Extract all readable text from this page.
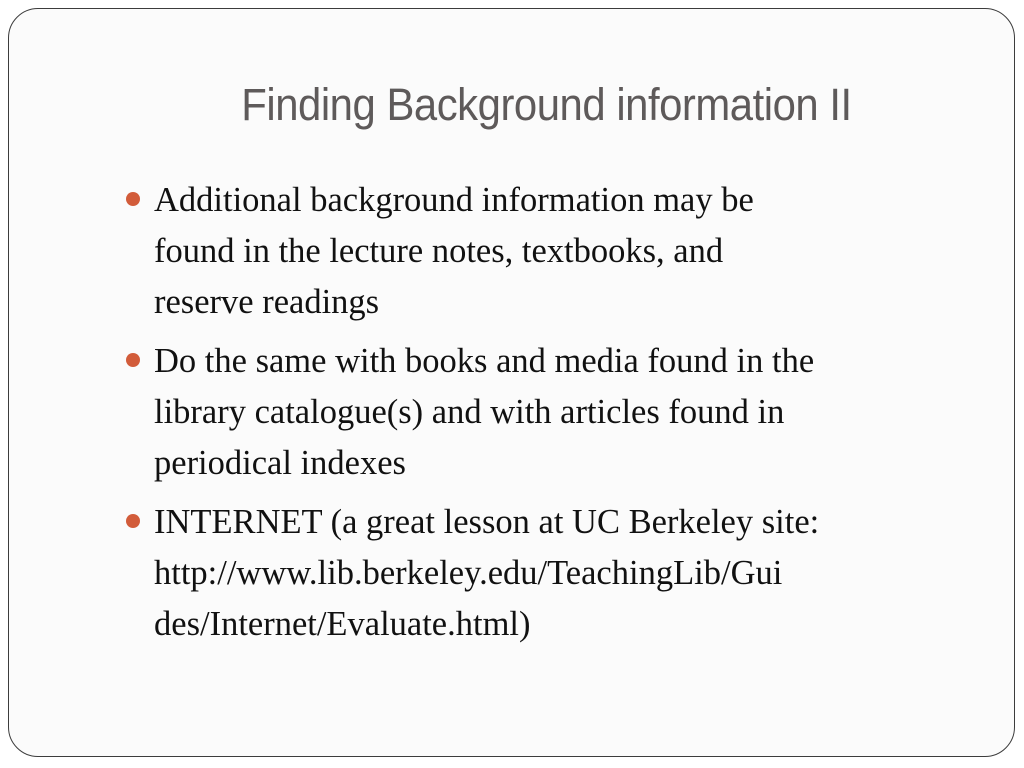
Finding Background information II
Additional background information may be
found in the lecture notes, textbooks, and
reserve readings
Do the same with books and media found in the
library catalogue(s) and with articles found in
periodical indexes
INTERNET (a great lesson at UC Berkeley site:
http://www.lib.berkeley.edu/TeachingLib/Gui
des/Internet/Evaluate.html)
